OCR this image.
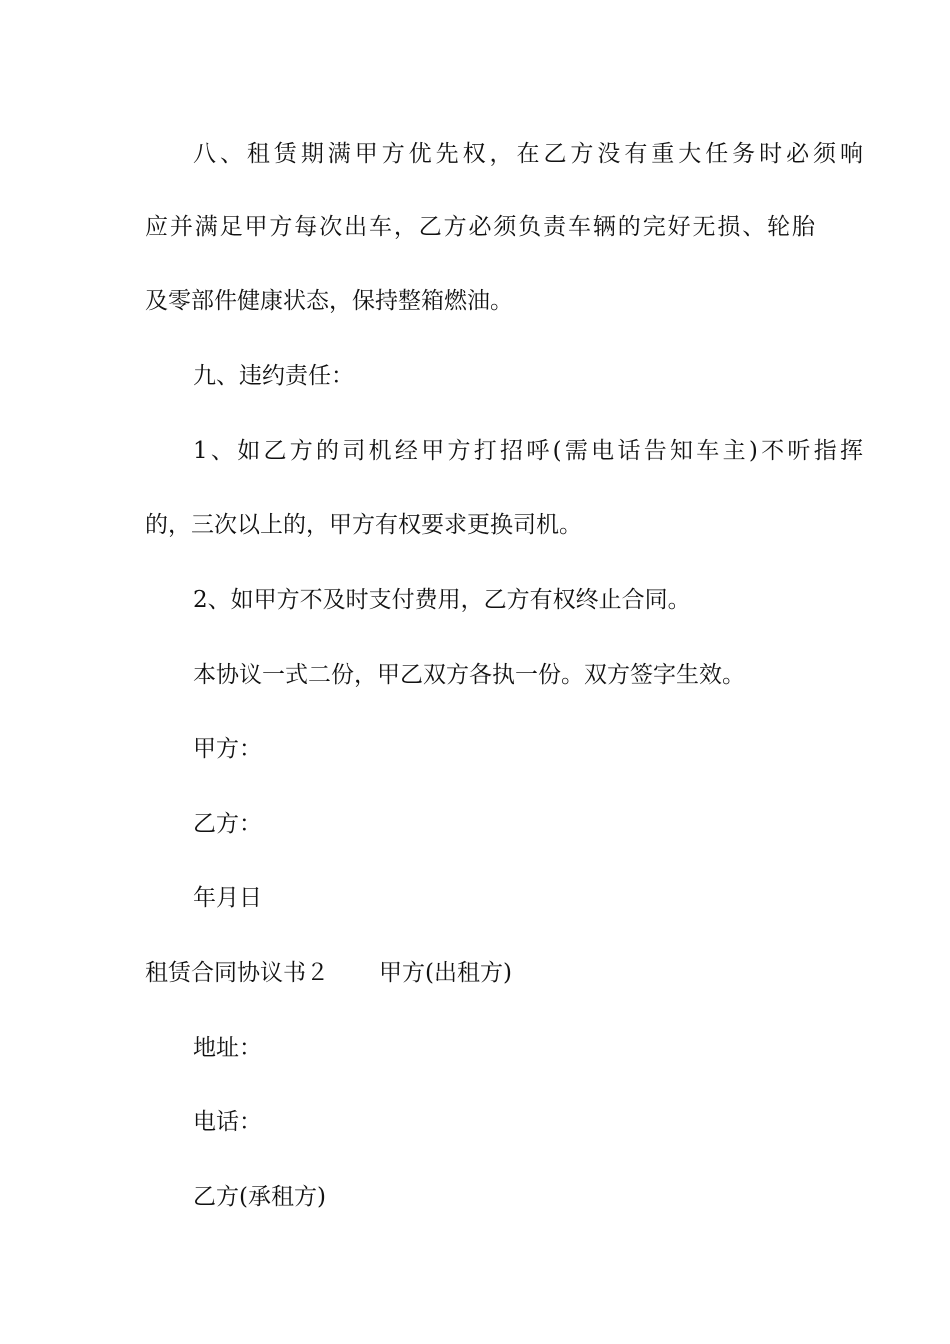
八、租赁期满甲方优先权，在乙方没有重大任务时必须响
应并满足甲方每次出车，乙方必须负责车辆的完好无损、轮胎
及零部件健康状态，保持整箱燃油。
九、违约责任：
1、如乙方的司机经甲方打招呼(需电话告知车主)不听指挥
的，三次以上的，甲方有权要求更换司机。
2、如甲方不及时支付费用，乙方有权终止合同。
本协议一式二份，甲乙双方各执一份。双方签字生效。
甲方：
乙方：
年月日
租赁合同协议书２ 甲方(出租方)
地址：
电话：
乙方(承租方)
